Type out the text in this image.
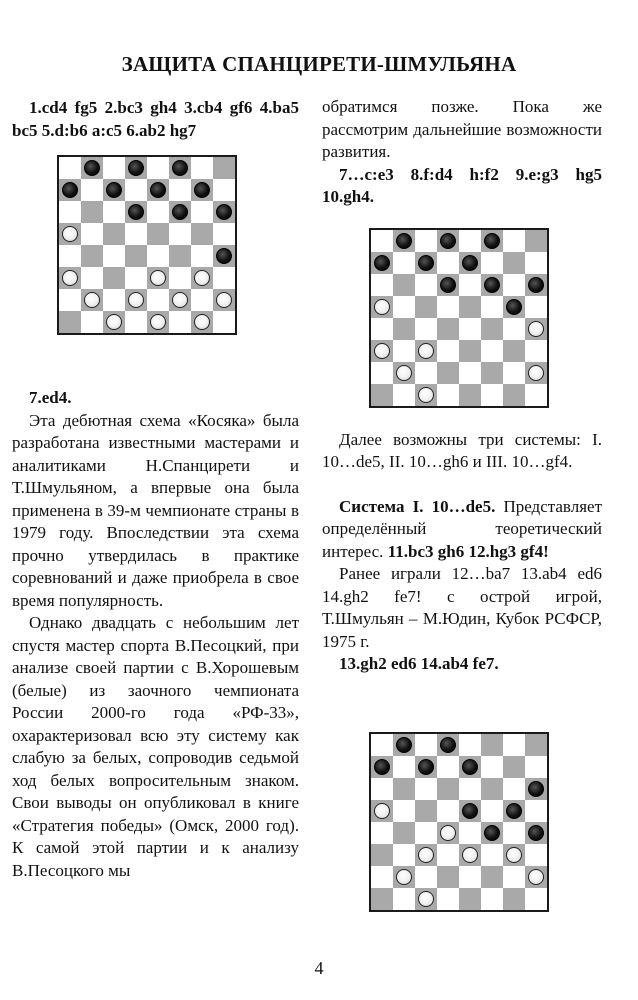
ЗАЩИТА СПАНЦИРЕТИ-ШМУЛЬЯНА

1.cd4 fg5 2.bc3 gh4 3.cb4 gf6 4.ba5 bc5 5.d:b6 a:c5 6.ab2 hg7

7.ed4.

Эта дебютная схема «Косяка» была разработана известными мастерами и аналитиками Н.Спанцирети и Т.Шмульяном, а впервые она была применена в 39-м чемпионате страны в 1979 году. Впоследствии эта схема прочно утвердилась в практике соревнований и даже приобрела в свое время популярность.

Однако двадцать с небольшим лет спустя мастер спорта В.Песоцкий, при анализе своей партии с В.Хорошевым (белые) из заочного чемпионата России 2000-го года «РФ-33», охарактеризовал всю эту систему как слабую за белых, сопроводив седьмой ход белых вопросительным знаком. Свои выводы он опубликовал в книге «Стратегия победы» (Омск, 2000 год). К самой этой партии и к анализу В.Песоцкого мы

обратимся позже. Пока же рассмотрим дальнейшие возможности развития.

7…c:e3 8.f:d4 h:f2 9.e:g3 hg5 10.gh4.

Далее возможны три системы: I. 10…de5, II. 10…gh6 и III. 10…gf4.

Система I. 10…de5. Представляет определённый теоретический интерес. 11.bc3 gh6 12.hg3 gf4!

Ранее играли 12…ba7 13.ab4 ed6 14.gh2 fe7! с острой игрой, Т.Шмульян – М.Юдин, Кубок РСФСР, 1975 г.

13.gh2 ed6 14.ab4 fe7.

4
